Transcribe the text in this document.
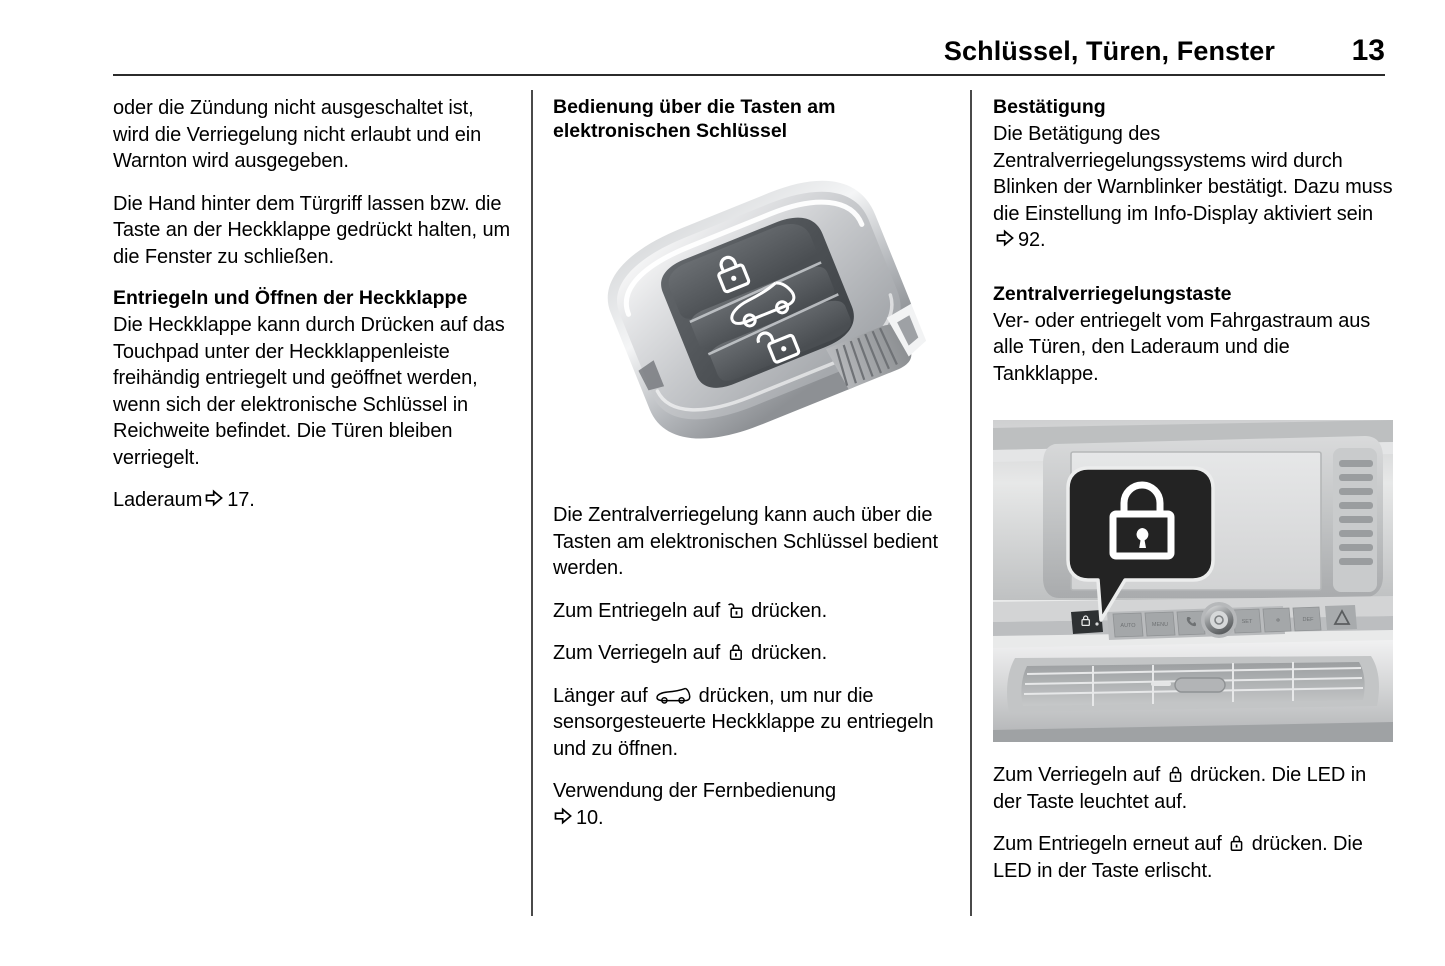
Schlüssel, Türen, Fenster	13

oder die Zündung nicht ausgeschaltet ist, wird die Verriegelung nicht erlaubt und ein Warnton wird ausgegeben.

Die Hand hinter dem Türgriff lassen bzw. die Taste an der Heckklappe gedrückt halten, um die Fenster zu schließen.

Entriegeln und Öffnen der Heckklappe

Die Heckklappe kann durch Drücken auf das Touchpad unter der Heckklappenleiste freihändig entriegelt und geöffnet werden, wenn sich der elektronische Schlüssel in Reichweite befindet. Die Türen bleiben verriegelt.

Laderaum 17.

Bedienung über die Tasten am elektronischen Schlüssel

Die Zentralverriegelung kann auch über die Tasten am elektronischen Schlüssel bedient werden.

Zum Entriegeln auf drücken.

Zum Verriegeln auf drücken.

Länger auf	drücken, um nur die sensorgesteuerte Heckklappe zu entriegeln und zu öffnen.

Verwendung der Fernbedienung
10.

Bestätigung

Die Betätigung des Zentralverriegelungssystems wird durch Blinken der Warnblinker bestätigt. Dazu muss die Einstellung im Info-Display aktiviert sein92.

Zentralverriegelungstaste

Ver- oder entriegelt vom Fahrgastraum aus alle Türen, den Laderaum und die Tankklappe.

AUTO	MENU	SET	❄	DEF

Zum Verriegeln auf drücken. Die LED in der Taste leuchtet auf.

Zum Entriegeln erneut auf drücken. Die LED in der Taste erlischt.
